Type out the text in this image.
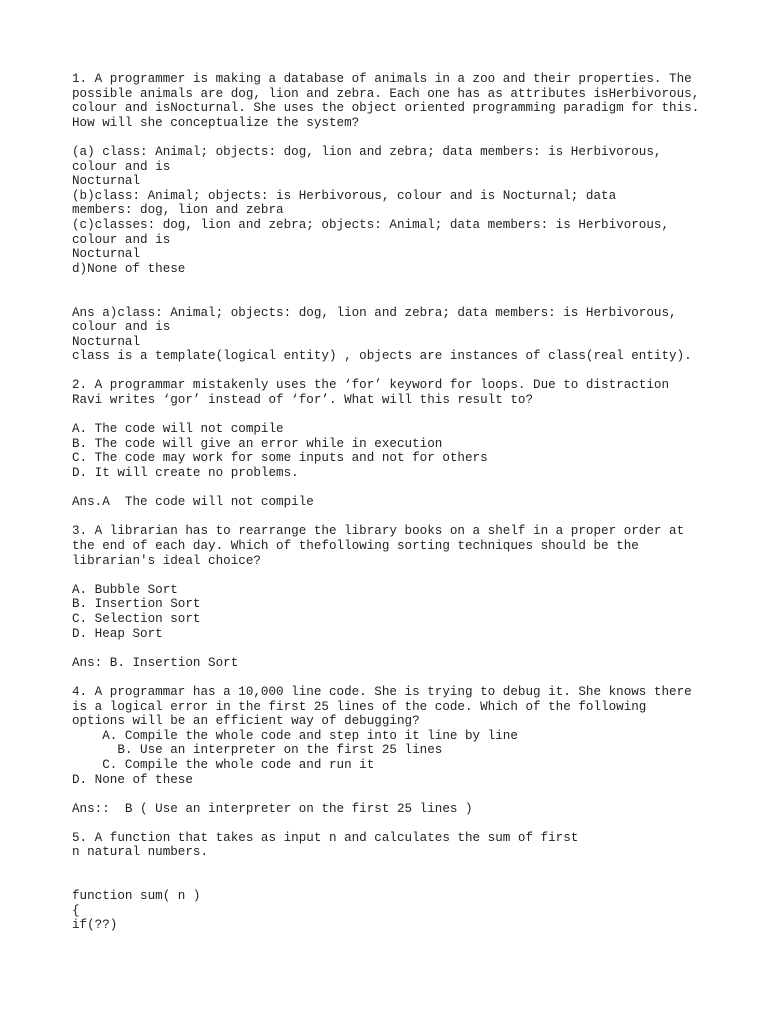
1. A programmer is making a database of animals in a zoo and their properties. The
possible animals are dog, lion and zebra. Each one has as attributes isHerbivorous,
colour and isNocturnal. She uses the object oriented programming paradigm for this.
How will she conceptualize the system?
(a) class: Animal; objects: dog, lion and zebra; data members: is Herbivorous,
colour and is
Nocturnal
(b)class: Animal; objects: is Herbivorous, colour and is Nocturnal; data
members: dog, lion and zebra
(c)classes: dog, lion and zebra; objects: Animal; data members: is Herbivorous,
colour and is
Nocturnal
d)None of these
Ans a)class: Animal; objects: dog, lion and zebra; data members: is Herbivorous,
colour and is
Nocturnal
class is a template(logical entity) , objects are instances of class(real entity).
2. A programmar mistakenly uses the ‘for’ keyword for loops. Due to distraction
Ravi writes ‘gor’ instead of ‘for’. What will this result to?
A. The code will not compile
B. The code will give an error while in execution
C. The code may work for some inputs and not for others
D. It will create no problems.
Ans.A  The code will not compile
3. A librarian has to rearrange the library books on a shelf in a proper order at
the end of each day. Which of thefollowing sorting techniques should be the
librarian's ideal choice?
A. Bubble Sort
B. Insertion Sort
C. Selection sort
D. Heap Sort
Ans: B. Insertion Sort
4. A programmar has a 10,000 line code. She is trying to debug it. She knows there
is a logical error in the first 25 lines of the code. Which of the following
options will be an efficient way of debugging?
A. Compile the whole code and step into it line by line
B. Use an interpreter on the first 25 lines
C. Compile the whole code and run it
D. None of these
Ans::  B ( Use an interpreter on the first 25 lines )
5. A function that takes as input n and calculates the sum of first
n natural numbers.
function sum( n )
{
if(??)
